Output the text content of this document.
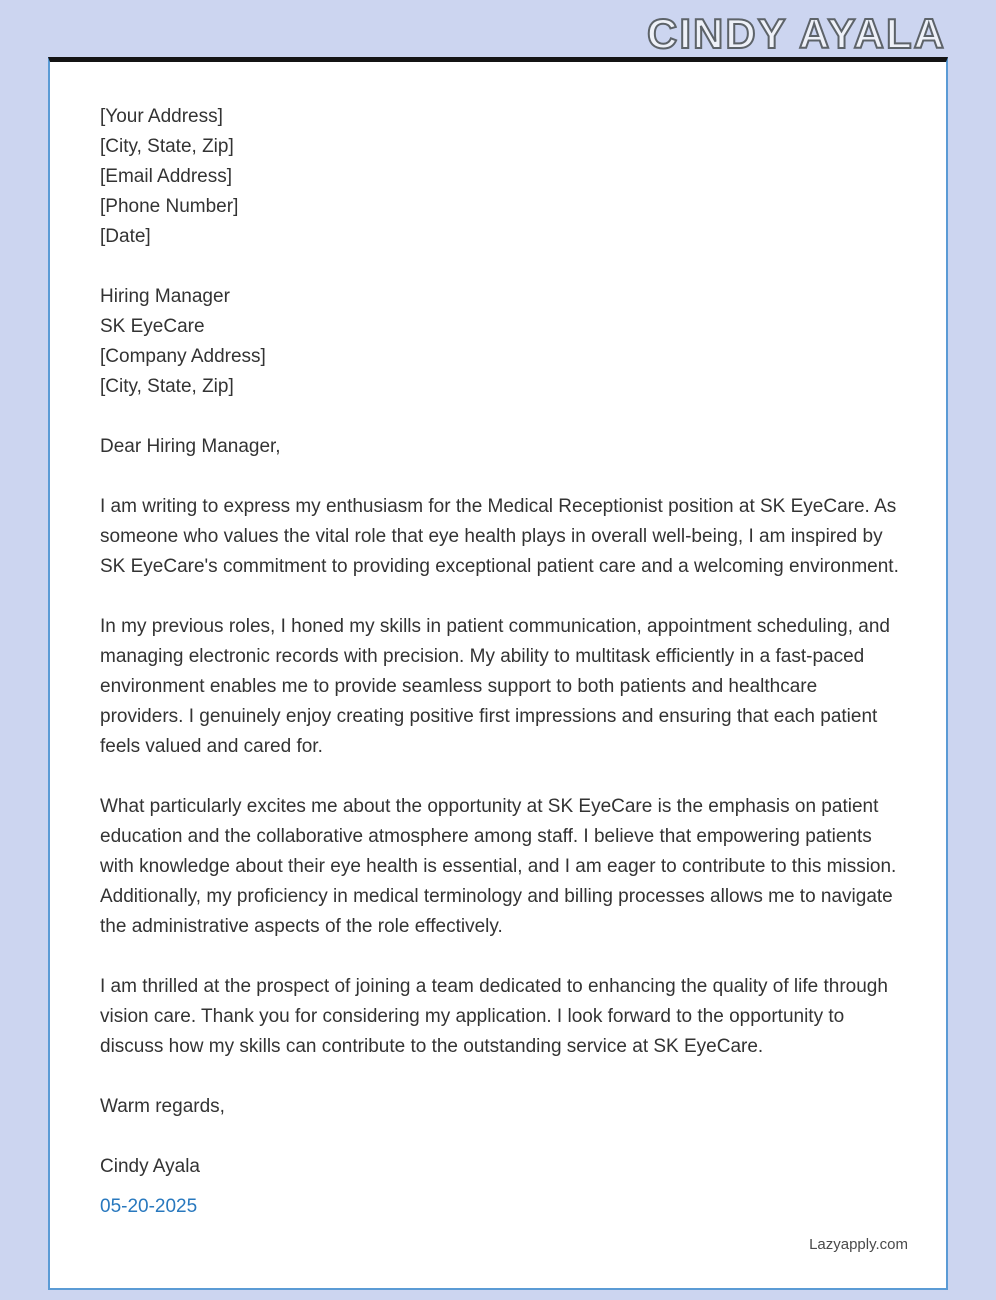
CINDY AYALA
[Your Address]
[City, State, Zip]
[Email Address]
[Phone Number]
[Date]
Hiring Manager
SK EyeCare
[Company Address]
[City, State, Zip]
Dear Hiring Manager,

I am writing to express my enthusiasm for the Medical Receptionist position at SK EyeCare. As someone who values the vital role that eye health plays in overall well-being, I am inspired by SK EyeCare's commitment to providing exceptional patient care and a welcoming environment.

In my previous roles, I honed my skills in patient communication, appointment scheduling, and managing electronic records with precision. My ability to multitask efficiently in a fast-paced environment enables me to provide seamless support to both patients and healthcare providers. I genuinely enjoy creating positive first impressions and ensuring that each patient feels valued and cared for.

What particularly excites me about the opportunity at SK EyeCare is the emphasis on patient education and the collaborative atmosphere among staff. I believe that empowering patients with knowledge about their eye health is essential, and I am eager to contribute to this mission. Additionally, my proficiency in medical terminology and billing processes allows me to navigate the administrative aspects of the role effectively.

I am thrilled at the prospect of joining a team dedicated to enhancing the quality of life through vision care. Thank you for considering my application. I look forward to the opportunity to discuss how my skills can contribute to the outstanding service at SK EyeCare.

Warm regards,
Cindy Ayala
05-20-2025
Lazyapply.com
